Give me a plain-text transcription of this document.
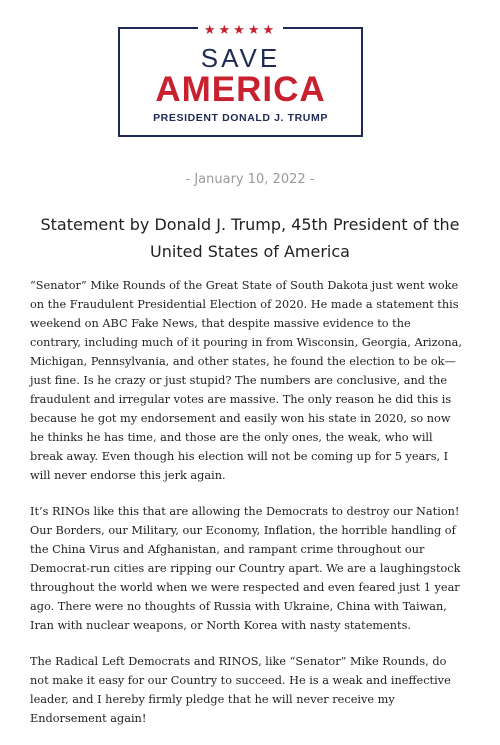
★★★★★
SAVE
AMERICA
PRESIDENT DONALD J. TRUMP
- January 10, 2022 -
Statement by Donald J. Trump, 45th President of the United States of America

“Senator” Mike Rounds of the Great State of South Dakota just went woke on the Fraudulent Presidential Election of 2020. He made a statement this weekend on ABC Fake News, that despite massive evidence to the contrary, including much of it pouring in from Wisconsin, Georgia, Arizona, Michigan, Pennsylvania, and other states, he found the election to be ok—just fine. Is he crazy or just stupid? The numbers are conclusive, and the fraudulent and irregular votes are massive. The only reason he did this is because he got my endorsement and easily won his state in 2020, so now he thinks he has time, and those are the only ones, the weak, who will break away. Even though his election will not be coming up for 5 years, I will never endorse this jerk again.

It’s RINOs like this that are allowing the Democrats to destroy our Nation! Our Borders, our Military, our Economy, Inflation, the horrible handling of the China Virus and Afghanistan, and rampant crime throughout our Democrat-run cities are ripping our Country apart. We are a laughingstock throughout the world when we were respected and even feared just 1 year ago. There were no thoughts of Russia with Ukraine, China with Taiwan, Iran with nuclear weapons, or North Korea with nasty statements.

The Radical Left Democrats and RINOS, like “Senator” Mike Rounds, do not make it easy for our Country to succeed. He is a weak and ineffective leader, and I hereby firmly pledge that he will never receive my Endorsement again!
